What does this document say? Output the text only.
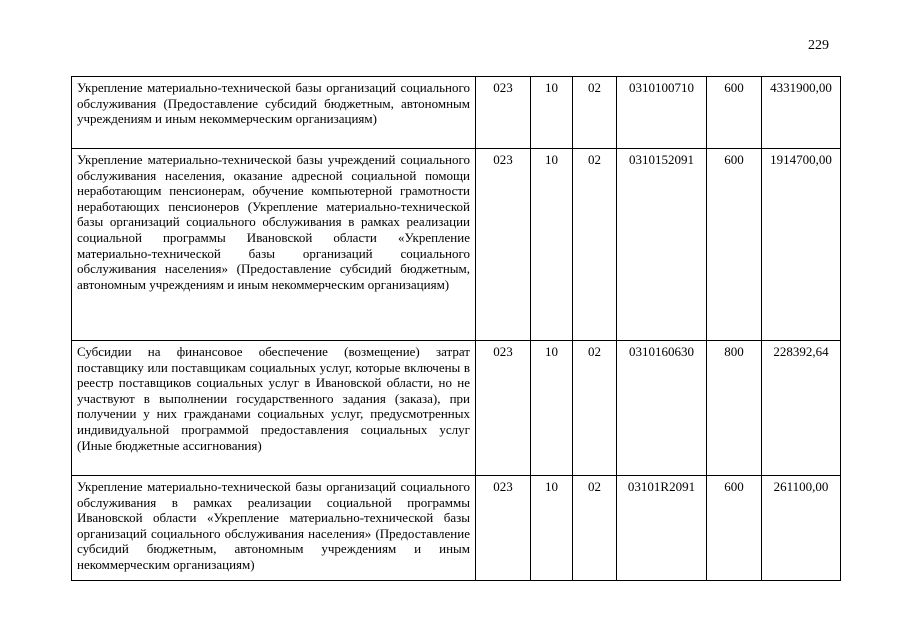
229
Укрепление материально-технической базы организаций социального обслуживания (Предоставление субсидий бюджетным, автономным учреждениям и иным некоммерческим организациям)	023	10	02	0310100710	600	4331900,00
Укрепление материально-технической базы учреждений социального обслуживания населения, оказание адресной социальной помощи неработающим пенсионерам, обучение компьютерной грамотности неработающих пенсионеров (Укрепление материально-технической базы организаций социального обслуживания в рамках реализации социальной программы Ивановской области «Укрепление материально-технической базы организаций социального обслуживания населения» (Предоставление субсидий бюджетным, автономным учреждениям и иным некоммерческим организациям)	023	10	02	0310152091	600	1914700,00
Субсидии на финансовое обеспечение (возмещение) затрат поставщику или поставщикам социальных услуг, которые включены в реестр поставщиков социальных услуг в Ивановской области, но не участвуют в выполнении государственного задания (заказа), при получении у них гражданами социальных услуг, предусмотренных индивидуальной программой предоставления социальных услуг (Иные бюджетные ассигнования)	023	10	02	0310160630	800	228392,64
Укрепление материально-технической базы организаций социального обслуживания в рамках реализации социальной программы Ивановской области «Укрепление материально-технической базы организаций социального обслуживания населения» (Предоставление субсидий бюджетным, автономным учреждениям и иным некоммерческим организациям)	023	10	02	03101R2091	600	261100,00
